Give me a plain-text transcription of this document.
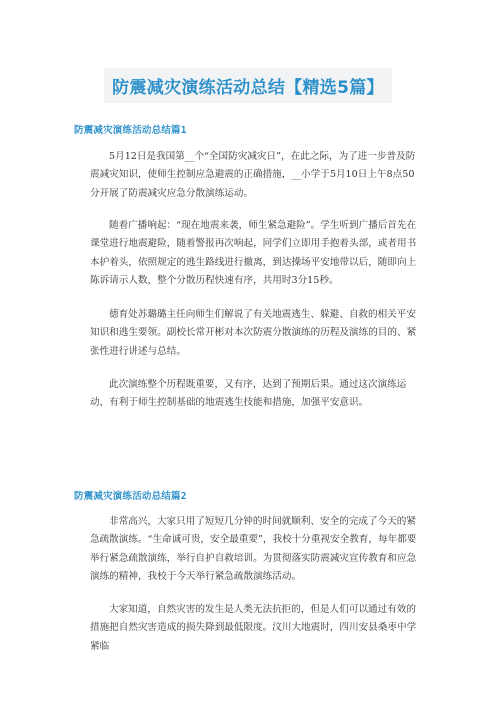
防震减灾演练活动总结【精选5篇】
防震减灾演练活动总结篇1

5月12日是我国第__个“全国防灾减灾日”，在此之际，为了进一步普及防震减灾知识，使师生控制应急避震的正确措施，__小学于5月10日上午8点50分开展了防震减灾应急分散演练运动。

随着广播响起：“现在地震来袭，师生紧急避险”。学生听到广播后首先在课堂进行地震避险，随着警报再次响起，同学们立即用手抱着头部，或者用书本护着头，依照规定的逃生路线进行撤离，到达操场平安地带以后，随即向上陈诉请示人数，整个分散历程快速有序，共用时3分15秒。

德育处苏璐璐主任向师生们解说了有关地震逃生、躲避、自救的相关平安知识和逃生要领。副校长常开彬对本次防震分散演练的历程及演练的目的、紧张性进行讲述与总结。

此次演练整个历程既重要，又有序，达到了预期后果。通过这次演练运动，有利于师生控制基础的地震逃生技能和措施，加强平安意识。

防震减灾演练活动总结篇2

非常高兴，大家只用了短短几分钟的时间就顺利、安全的完成了今天的紧急疏散演练。“生命诚可贵，安全最重要”，我校十分重视安全教育，每年都要举行紧急疏散演练，举行自护自救培训。为贯彻落实防震减灾宣传教育和应急演练的精神，我校于今天举行紧急疏散演练活动。

大家知道，自然灾害的发生是人类无法抗拒的，但是人们可以通过有效的措施把自然灾害造成的损失降到最低限度。汶川大地震时，四川安县桑枣中学紧临
